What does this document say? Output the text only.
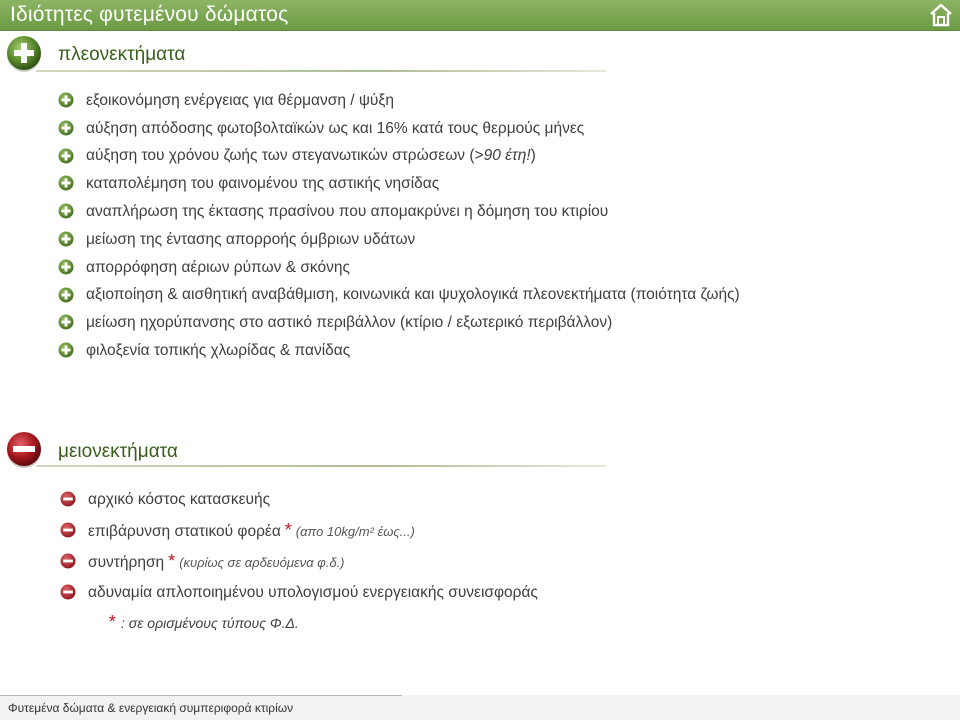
Ιδιότητες φυτεμένου δώματος
πλεονεκτήματα
εξοικονόμηση ενέργειας για θέρμανση / ψύξη
αύξηση απόδοσης φωτοβολταϊκών ως και 16% κατά τους θερμούς μήνες
αύξηση του χρόνου ζωής των στεγανωτικών στρώσεων (>90 έτη!)
καταπολέμηση του φαινομένου της αστικής νησίδας
αναπλήρωση της έκτασης πρασίνου που απομακρύνει η δόμηση του κτιρίου
μείωση της έντασης απορροής όμβριων υδάτων
απορρόφηση αέριων ρύπων & σκόνης
αξιοποίηση & αισθητική αναβάθμιση, κοινωνικά και ψυχολογικά πλεονεκτήματα (ποιότητα ζωής)
μείωση ηχορύπανσης στο αστικό περιβάλλον (κτίριο / εξωτερικό περιβάλλον)
φιλοξενία τοπικής χλωρίδας & πανίδας
μειονεκτήματα
αρχικό κόστος κατασκευής
επιβάρυνση στατικού φορέα * (απο 10kg/m² έως...)
συντήρηση * (κυρίως σε αρδευόμενα φ.δ.)
αδυναμία απλοποιημένου υπολογισμού ενεργειακής συνεισφοράς
* : σε ορισμένους τύπους Φ.Δ.
Φυτεμένα δώματα & ενεργειακή συμπεριφορά κτιρίων
